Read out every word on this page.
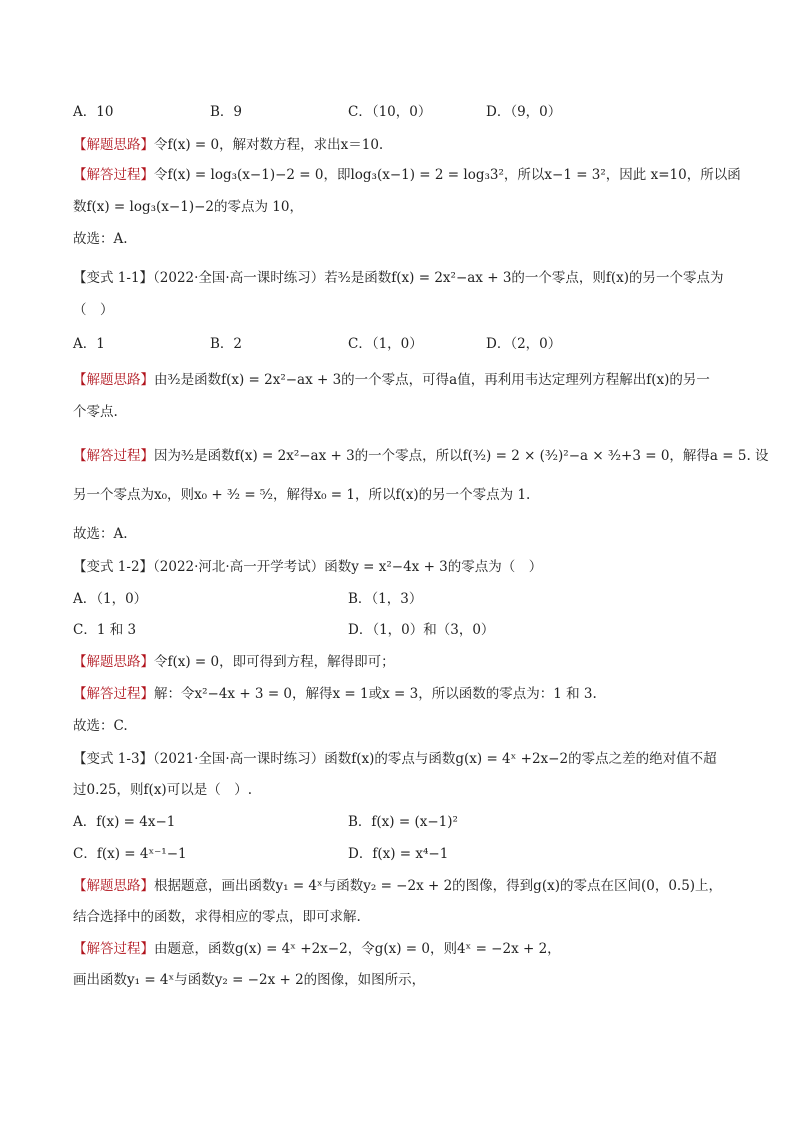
A．10	B．9	C．（10，0）	D．（9，0）
【解题思路】令f(x) = 0，解对数方程，求出x＝10.
【解答过程】令f(x) = log₃(x−1)−2 = 0，即log₃(x−1) = 2 = log₃3²，所以x−1 = 3²，因此 x=10，所以函
数f(x) = log₃(x−1)−2的零点为 10，
故选：A.
【变式 1-1】（2022·全国·高一课时练习）若³⁄₂是函数f(x) = 2x²−ax + 3的一个零点，则f(x)的另一个零点为
（　）
A．1	B．2	C．（1，0）	D．（2，0）
【解题思路】由³⁄₂是函数f(x) = 2x²−ax + 3的一个零点，可得a值，再利用韦达定理列方程解出f(x)的另一
个零点.
【解答过程】因为³⁄₂是函数f(x) = 2x²−ax + 3的一个零点，所以f(³⁄₂) = 2 × (³⁄₂)²−a × ³⁄₂+3 = 0，解得a = 5. 设
另一个零点为x₀，则x₀ + ³⁄₂ = ⁵⁄₂，解得x₀ = 1，所以f(x)的另一个零点为 1.
故选：A.
【变式 1-2】（2022·河北·高一开学考试）函数y = x²−4x + 3的零点为（　）
A．（1，0）	B．（1，3）
C．1 和 3	D．（1，0）和（3，0）
【解题思路】令f(x) = 0，即可得到方程，解得即可；
【解答过程】解：令x²−4x + 3 = 0，解得x = 1或x = 3，所以函数的零点为：1 和 3.
故选：C.
【变式 1-3】（2021·全国·高一课时练习）函数f(x)的零点与函数g(x) = 4ˣ +2x−2的零点之差的绝对值不超
过0.25，则f(x)可以是（　）.
A．f(x) = 4x−1	B．f(x) = (x−1)²
C．f(x) = 4ˣ⁻¹−1	D．f(x) = x⁴−1
【解题思路】根据题意，画出函数y₁ = 4ˣ与函数y₂ = −2x + 2的图像，得到g(x)的零点在区间(0，0.5)上，
结合选择中的函数，求得相应的零点，即可求解.
【解答过程】由题意，函数g(x) = 4ˣ +2x−2，令g(x) = 0，则4ˣ = −2x + 2，
画出函数y₁ = 4ˣ与函数y₂ = −2x + 2的图像，如图所示，
